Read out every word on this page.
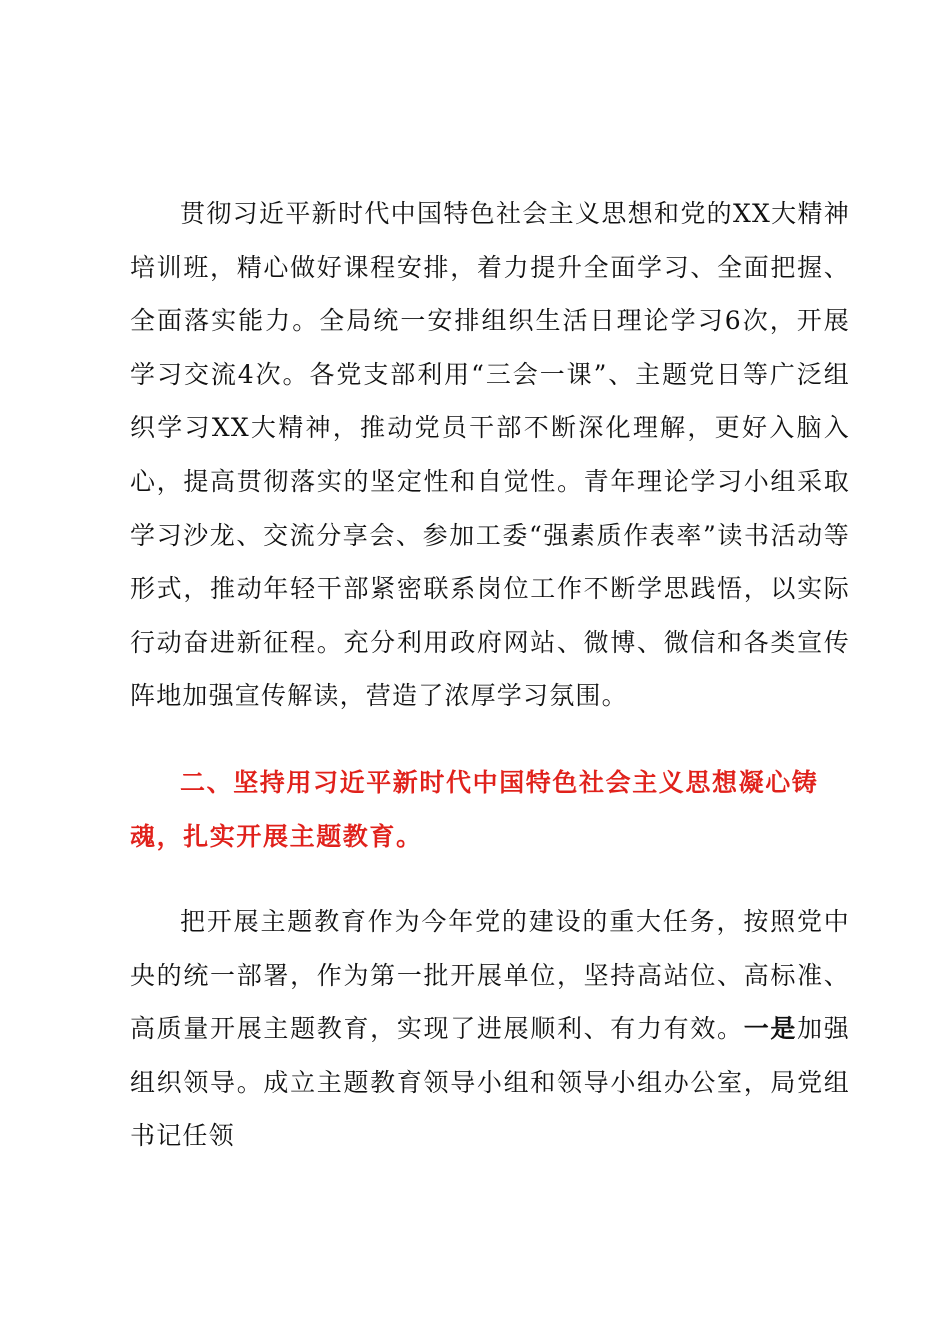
贯彻习近平新时代中国特色社会主义思想和党的XX大精神培训班，精心做好课程安排，着力提升全面学习、全面把握、全面落实能力。全局统一安排组织生活日理论学习6次，开展学习交流4次。各党支部利用“三会一课”、主题党日等广泛组织学习XX大精神，推动党员干部不断深化理解，更好入脑入心，提高贯彻落实的坚定性和自觉性。青年理论学习小组采取学习沙龙、交流分享会、参加工委“强素质作表率”读书活动等形式，推动年轻干部紧密联系岗位工作不断学思践悟，以实际行动奋进新征程。充分利用政府网站、微博、微信和各类宣传阵地加强宣传解读，营造了浓厚学习氛围。

二、坚持用习近平新时代中国特色社会主义思想凝心铸魂，扎实开展主题教育。

把开展主题教育作为今年党的建设的重大任务，按照党中央的统一部署，作为第一批开展单位，坚持高站位、高标准、高质量开展主题教育，实现了进展顺利、有力有效。一是加强组织领导。成立主题教育领导小组和领导小组办公室，局党组书记任领
